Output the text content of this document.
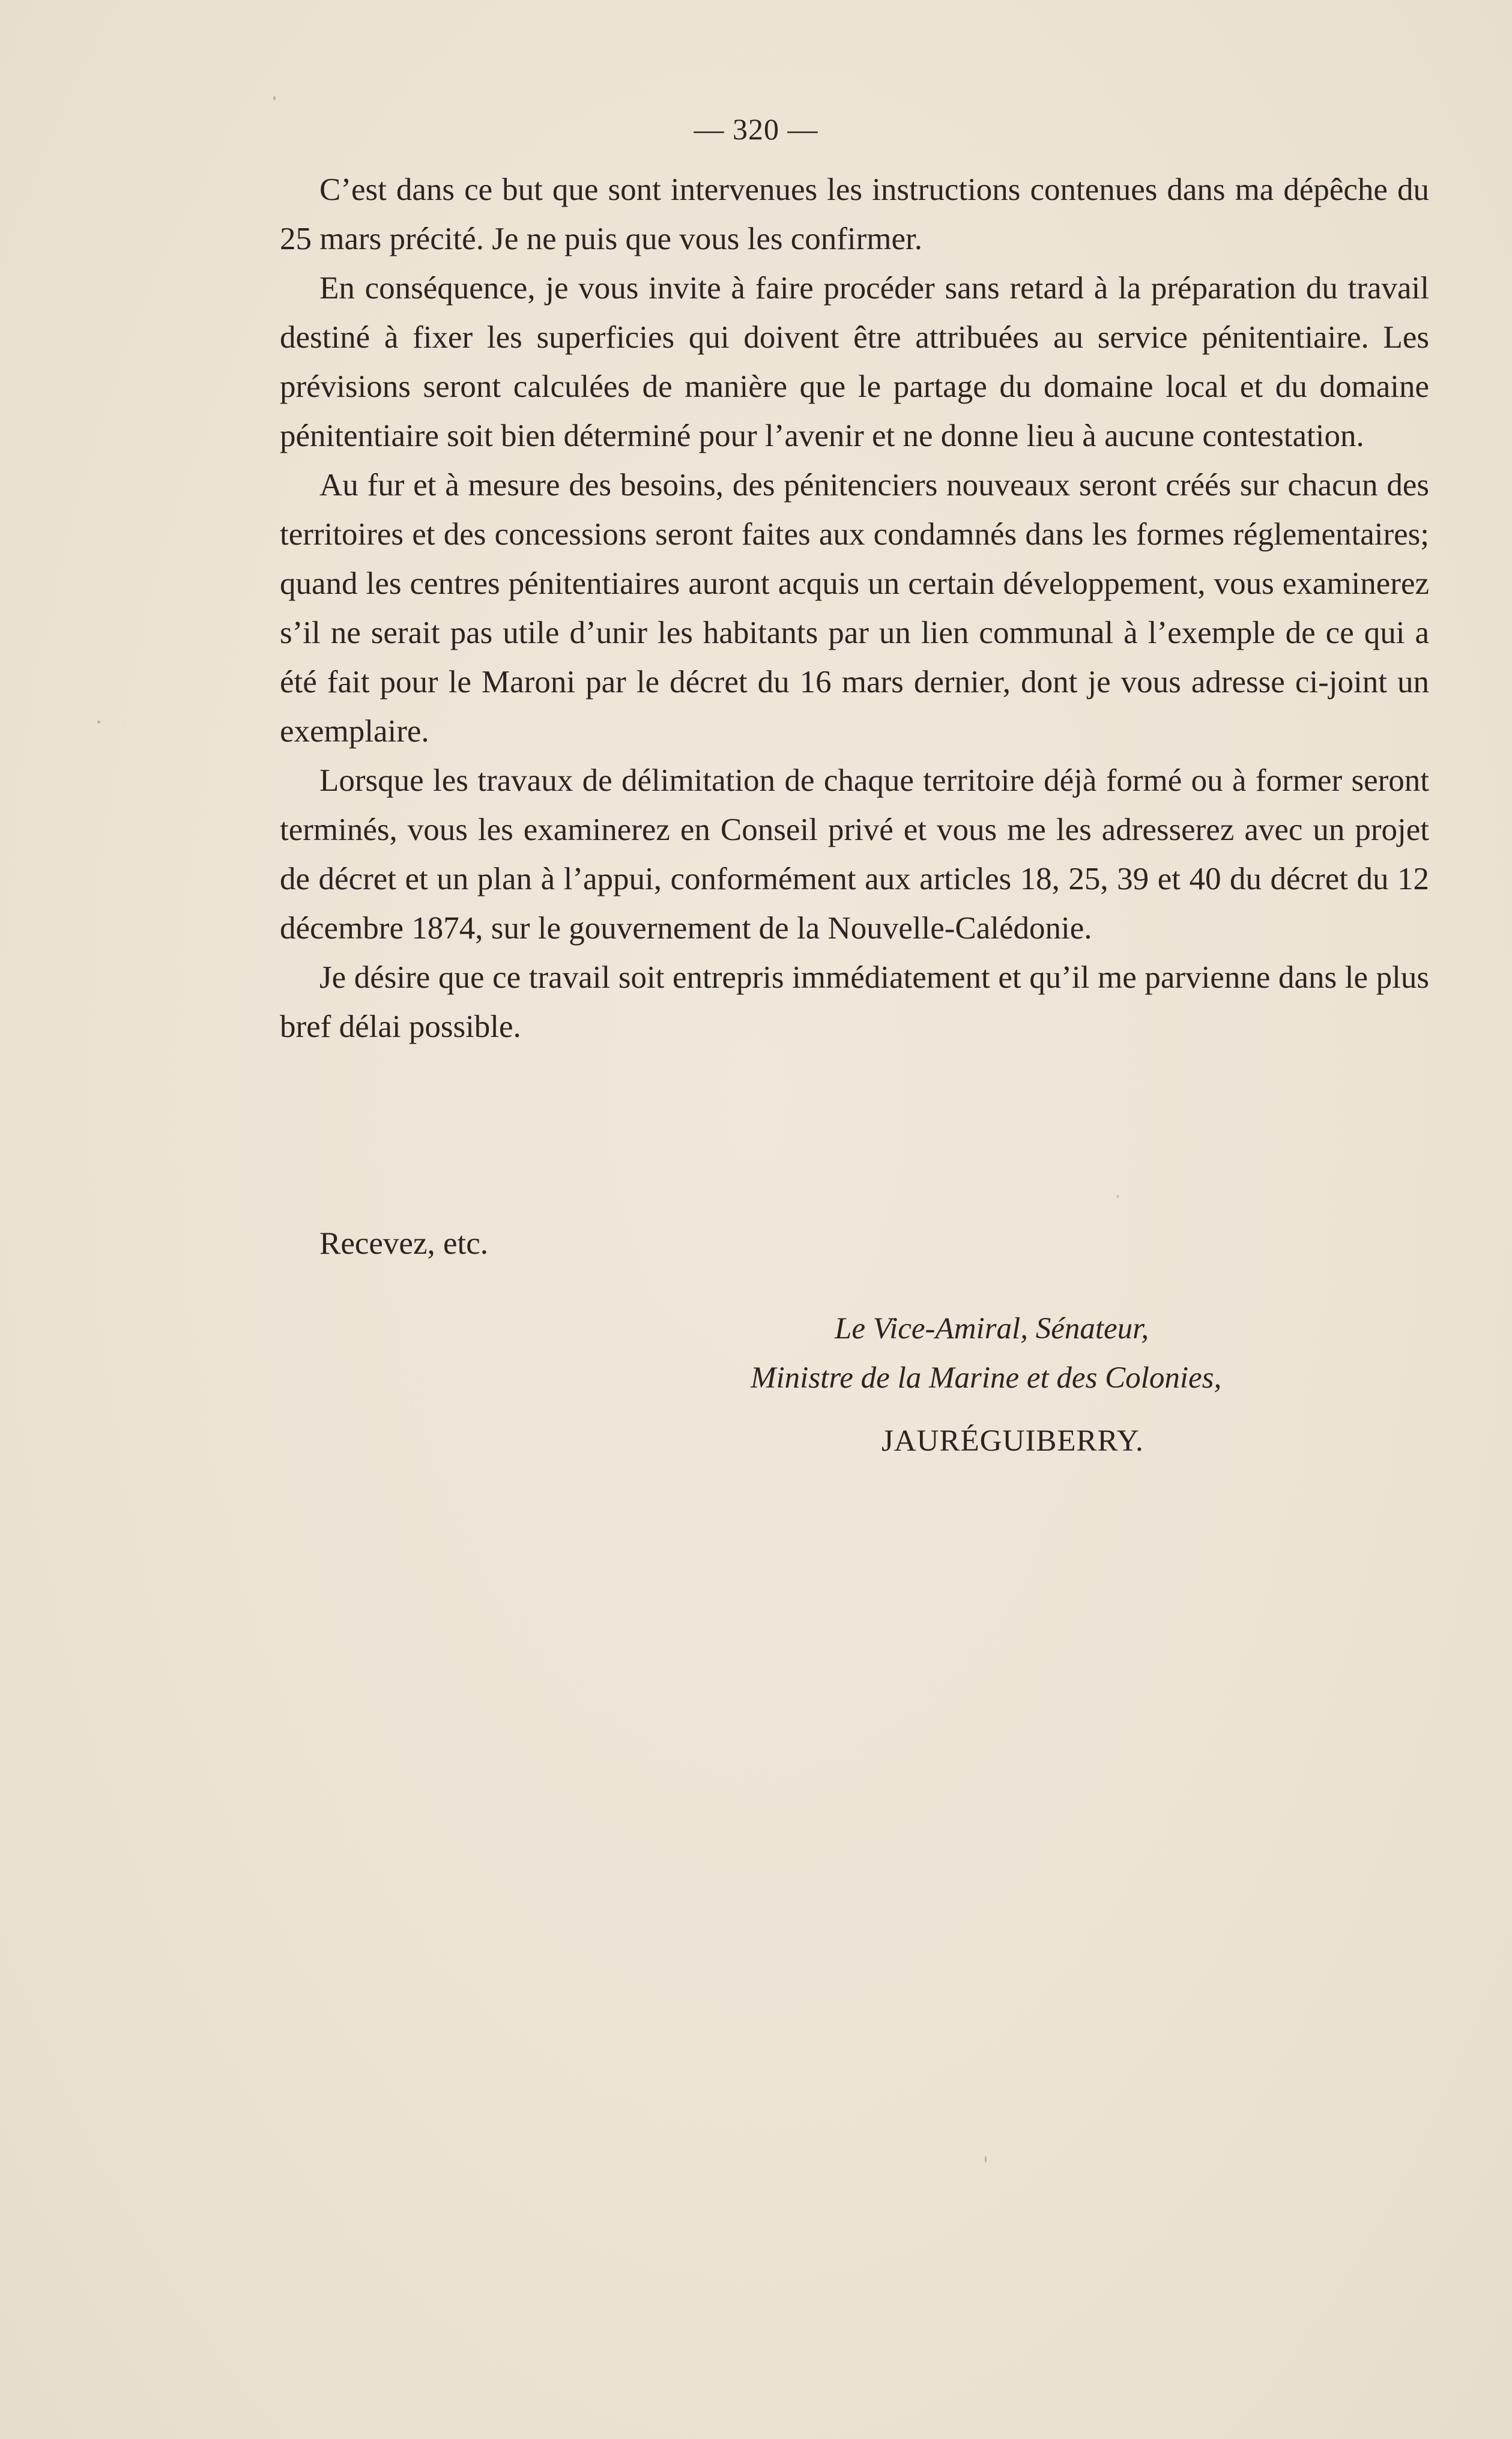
— 320 —

C’est dans ce but que sont intervenues les instructions contenues dans ma dépêche du 25 mars précité. Je ne puis que vous les confirmer.

En conséquence, je vous invite à faire procéder sans retard à la préparation du travail destiné à fixer les superficies qui doivent être attribuées au service pénitentiaire. Les prévisions seront calculées de manière que le partage du domaine local et du domaine pénitentiaire soit bien déterminé pour l’avenir et ne donne lieu à aucune contestation.

Au fur et à mesure des besoins, des pénitenciers nouveaux seront créés sur chacun des territoires et des concessions seront faites aux condamnés dans les formes réglementaires; quand les centres pénitentiaires auront acquis un certain développement, vous examinerez s’il ne serait pas utile d’unir les habitants par un lien communal à l’exemple de ce qui a été fait pour le Maroni par le décret du 16 mars dernier, dont je vous adresse ci-joint un exemplaire.

Lorsque les travaux de délimitation de chaque territoire déjà formé ou à former seront terminés, vous les examinerez en Conseil privé et vous me les adresserez avec un projet de décret et un plan à l’appui, conformément aux articles 18, 25, 39 et 40 du décret du 12 décembre 1874, sur le gouvernement de la Nouvelle-Calédonie.

Je désire que ce travail soit entrepris immédiatement et qu’il me parvienne dans le plus bref délai possible.

Recevez, etc.
Le Vice-Amiral, Sénateur,
Ministre de la Marine et des Colonies,
JAURÉGUIBERRY.
